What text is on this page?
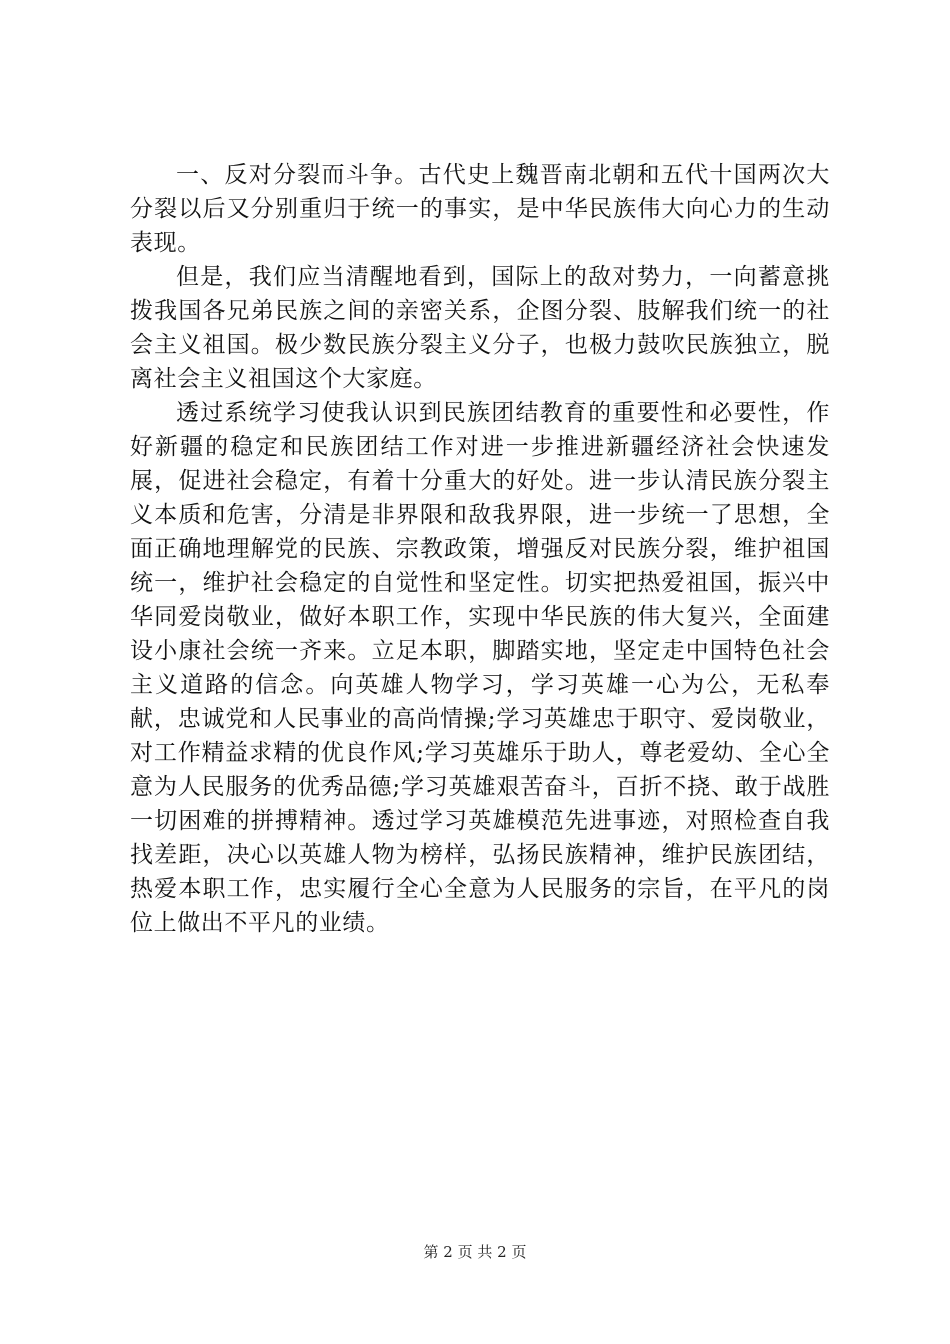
一、反对分裂而斗争。古代史上魏晋南北朝和五代十国两次大分裂以后又分别重归于统一的事实，是中华民族伟大向心力的生动表现。

但是，我们应当清醒地看到，国际上的敌对势力，一向蓄意挑拨我国各兄弟民族之间的亲密关系，企图分裂、肢解我们统一的社会主义祖国。极少数民族分裂主义分子，也极力鼓吹民族独立，脱离社会主义祖国这个大家庭。

透过系统学习使我认识到民族团结教育的重要性和必要性，作好新疆的稳定和民族团结工作对进一步推进新疆经济社会快速发展，促进社会稳定，有着十分重大的好处。进一步认清民族分裂主义本质和危害，分清是非界限和敌我界限，进一步统一了思想，全面正确地理解党的民族、宗教政策，增强反对民族分裂，维护祖国统一，维护社会稳定的自觉性和坚定性。切实把热爱祖国，振兴中华同爱岗敬业，做好本职工作，实现中华民族的伟大复兴，全面建设小康社会统一齐来。立足本职，脚踏实地，坚定走中国特色社会主义道路的信念。向英雄人物学习，学习英雄一心为公，无私奉献，忠诚党和人民事业的高尚情操;学习英雄忠于职守、爱岗敬业，对工作精益求精的优良作风;学习英雄乐于助人，尊老爱幼、全心全意为人民服务的优秀品德;学习英雄艰苦奋斗，百折不挠、敢于战胜一切困难的拼搏精神。透过学习英雄模范先进事迹，对照检查自我找差距，决心以英雄人物为榜样，弘扬民族精神，维护民族团结，热爱本职工作，忠实履行全心全意为人民服务的宗旨，在平凡的岗位上做出不平凡的业绩。

第 2 页 共 2 页
